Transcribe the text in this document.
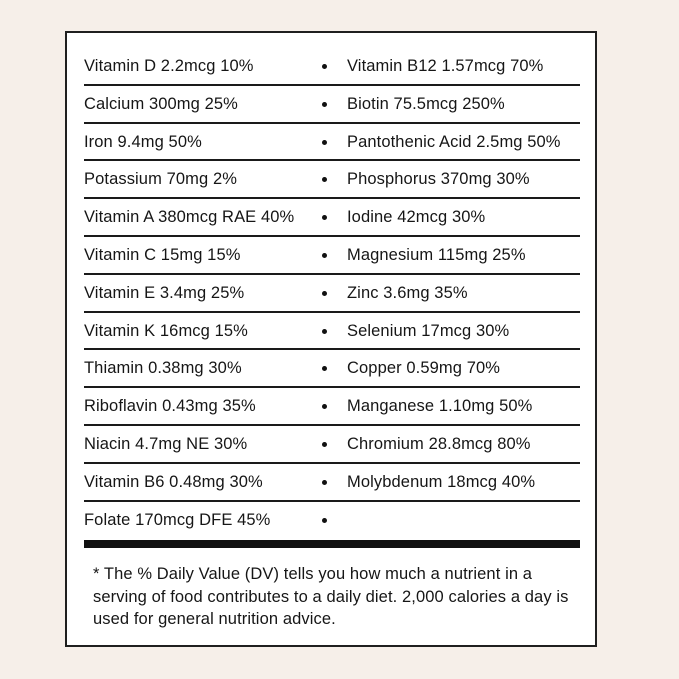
Vitamin D 2.2mcg 10%	Vitamin B12 1.57mcg 70%
Calcium 300mg 25%	Biotin 75.5mcg 250%
Iron 9.4mg 50%	Pantothenic Acid 2.5mg 50%
Potassium 70mg 2%	Phosphorus 370mg 30%
Vitamin A 380mcg RAE 40%	Iodine 42mcg 30%
Vitamin C 15mg 15%	Magnesium 115mg 25%
Vitamin E 3.4mg 25%	Zinc 3.6mg 35%
Vitamin K 16mcg 15%	Selenium 17mcg 30%
Thiamin 0.38mg 30%	Copper 0.59mg 70%
Riboflavin 0.43mg 35%	Manganese 1.10mg 50%
Niacin 4.7mg NE 30%	Chromium 28.8mcg 80%
Vitamin B6 0.48mg 30%	Molybdenum 18mcg 40%
Folate 170mcg DFE 45%
* The % Daily Value (DV) tells you how much a nutrient in a serving of food contributes to a daily diet. 2,000 calories a day is used for general nutrition advice.
